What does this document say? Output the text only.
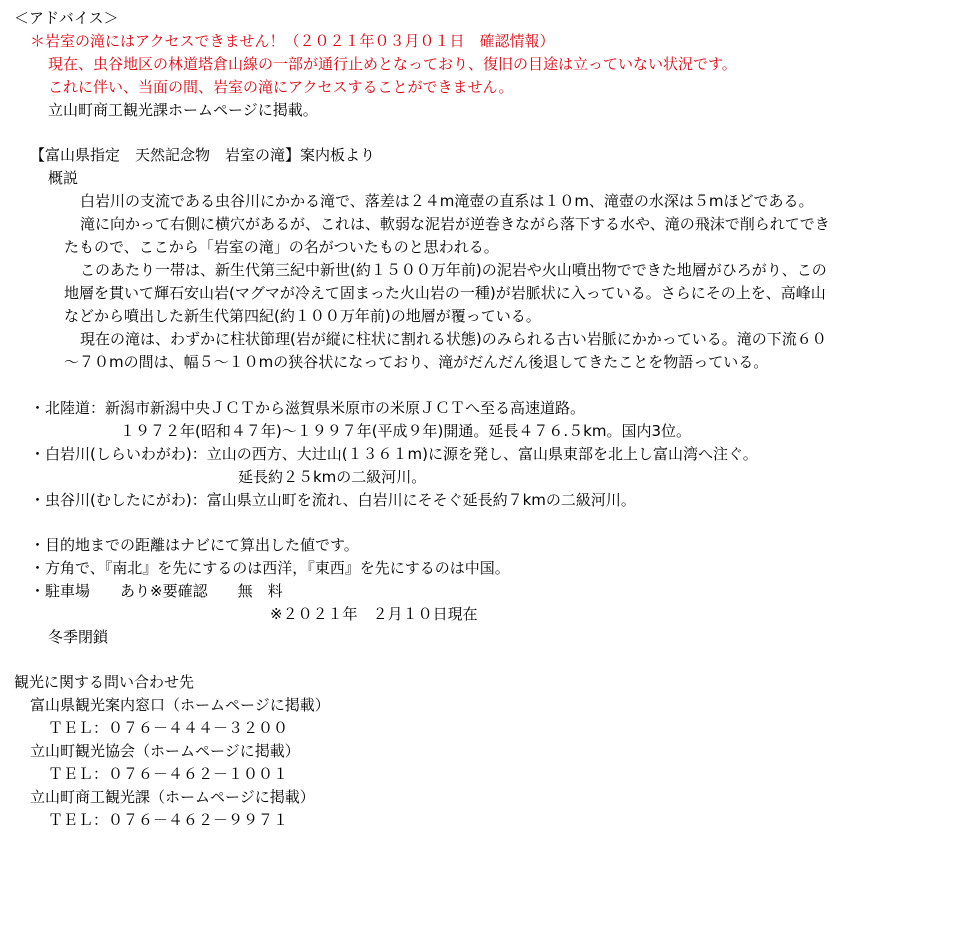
＜アドバイス＞
＊岩室の滝にはアクセスできません！（２０２１年０３月０１日　確認情報）
現在、虫谷地区の林道塔倉山線の一部が通行止めとなっており、復旧の目途は立っていない状況です。
これに伴い、当面の間、岩室の滝にアクセスすることができません。
立山町商工観光課ホームページに掲載。
【富山県指定　天然記念物　岩室の滝】案内板より
概説
白岩川の支流である虫谷川にかかる滝で、落差は２４m滝壺の直系は１０m、滝壺の水深は５mほどである。
滝に向かって右側に横穴があるが、これは、軟弱な泥岩が逆巻きながら落下する水や、滝の飛沫で削られてでき
たもので、ここから「岩室の滝」の名がついたものと思われる。
このあたり一帯は、新生代第三紀中新世(約１５００万年前)の泥岩や火山噴出物でできた地層がひろがり、この
地層を貫いて輝石安山岩(マグマが冷えて固まった火山岩の一種)が岩脈状に入っている。さらにその上を、高峰山
などから噴出した新生代第四紀(約１００万年前)の地層が覆っている。
現在の滝は、わずかに柱状節理(岩が縦に柱状に割れる状態)のみられる古い岩脈にかかっている。滝の下流６０
～７０mの間は、幅５～１０mの狭谷状になっており、滝がだんだん後退してきたことを物語っている。
・北陸道：新潟市新潟中央ＪＣＴから滋賀県米原市の米原ＪＣＴへ至る高速道路。
１９７２年(昭和４７年)～１９９７年(平成９年)開通。延長４７６.５km。国内3位。
・白岩川(しらいわがわ)：立山の西方、大辻山(１３６１m)に源を発し、富山県東部を北上し富山湾へ注ぐ。
延長約２５kmの二級河川。
・虫谷川(むしたにがわ)：富山県立山町を流れ、白岩川にそそぐ延長約７kmの二級河川。
・目的地までの距離はナビにて算出した値です。
・方角で、『南北』を先にするのは西洋，『東西』を先にするのは中国。
・駐車場　　あり※要確認　　無　料
※２０２１年　２月１０日現在
冬季閉鎖
観光に関する問い合わせ先
富山県観光案内窓口（ホームページに掲載）
ＴＥＬ：０７６－４４４－３２００
立山町観光協会（ホームページに掲載）
ＴＥＬ：０７６－４６２－１００１
立山町商工観光課（ホームページに掲載）
ＴＥＬ：０７６－４６２－９９７１
